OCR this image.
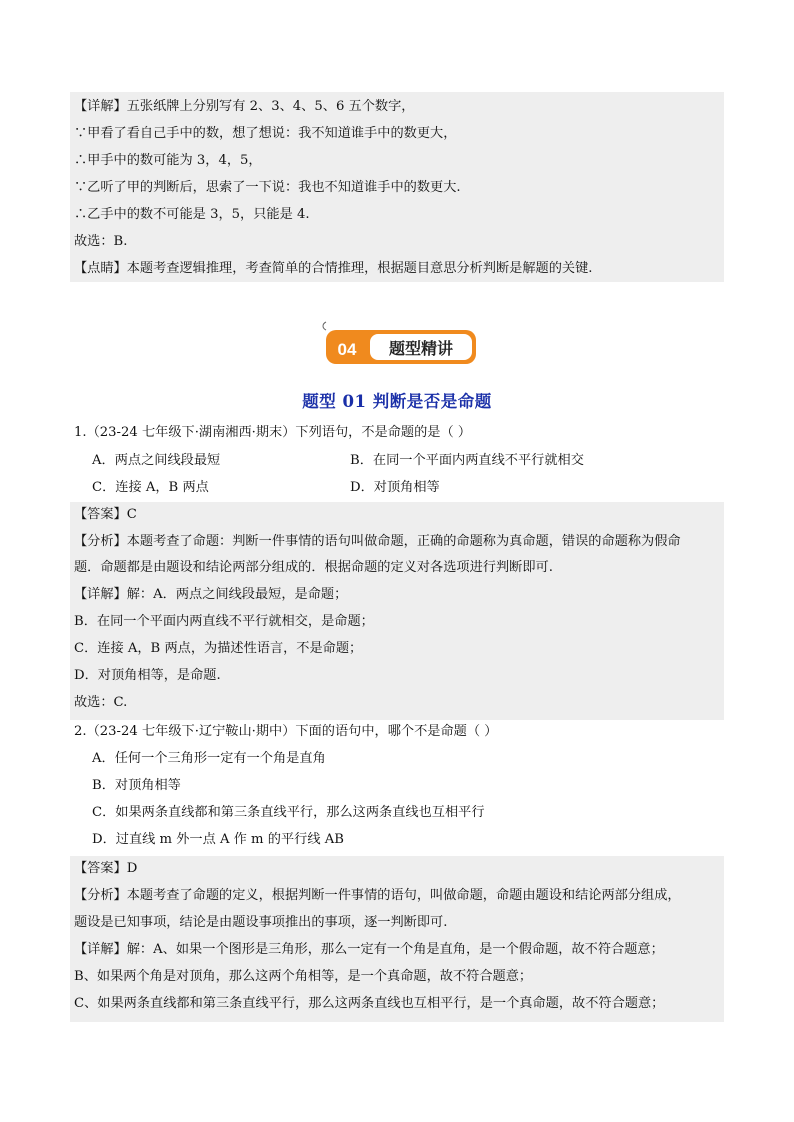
【详解】五张纸牌上分别写有 2、3、4、5、6 五个数字，
∵甲看了看自己手中的数，想了想说：我不知道谁手中的数更大，
∴甲手中的数可能为 3，4，5，
∵乙听了甲的判断后，思索了一下说：我也不知道谁手中的数更大.
∴乙手中的数不可能是 3，5，只能是 4.
故选：B.
【点睛】本题考查逻辑推理，考查简单的合情推理，根据题目意思分析判断是解题的关键.
04 题型精讲
题型 01 判断是否是命题
1.（23-24 七年级下·湖南湘西·期末）下列语句，不是命题的是（ ）
A．两点之间线段最短	B．在同一个平面内两直线不平行就相交
C．连接 A，B 两点	D．对顶角相等
【答案】C
【分析】本题考查了命题：判断一件事情的语句叫做命题，正确的命题称为真命题，错误的命题称为假命
题．命题都是由题设和结论两部分组成的．根据命题的定义对各选项进行判断即可.
【详解】解：A．两点之间线段最短，是命题；
B．在同一个平面内两直线不平行就相交，是命题；
C．连接 A，B 两点，为描述性语言，不是命题；
D．对顶角相等，是命题.
故选：C.
2.（23-24 七年级下·辽宁鞍山·期中）下面的语句中，哪个不是命题（ ）
A．任何一个三角形一定有一个角是直角
B．对顶角相等
C．如果两条直线都和第三条直线平行，那么这两条直线也互相平行
D．过直线 m 外一点 A 作 m 的平行线 AB
【答案】D
【分析】本题考查了命题的定义，根据判断一件事情的语句，叫做命题，命题由题设和结论两部分组成，
题设是已知事项，结论是由题设事项推出的事项，逐一判断即可.
【详解】解：A、如果一个图形是三角形，那么一定有一个角是直角，是一个假命题，故不符合题意；
B、如果两个角是对顶角，那么这两个角相等，是一个真命题，故不符合题意；
C、如果两条直线都和第三条直线平行，那么这两条直线也互相平行，是一个真命题，故不符合题意；
